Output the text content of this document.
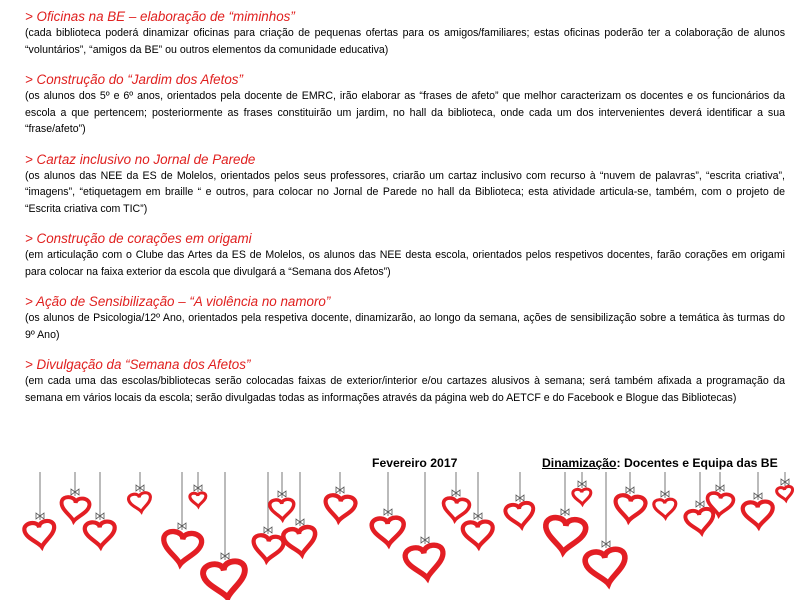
> Oficinas na BE – elaboração de “miminhos”

(cada biblioteca poderá dinamizar oficinas para criação de pequenas ofertas para os amigos/familiares; estas oficinas poderão ter a colaboração de alunos “voluntários”, “amigos da BE” ou outros elementos da comunidade educativa)

> Construção do “Jardim dos Afetos”

(os alunos dos 5º e 6º anos, orientados pela docente de EMRC, irão elaborar as “frases de afeto” que melhor caracterizam os docentes e os funcionários da escola a que pertencem; posteriormente as frases constituirão um jardim, no hall da biblioteca, onde cada um dos intervenientes deverá identificar a sua “frase/afeto”)

> Cartaz inclusivo no Jornal de Parede

(os alunos das NEE da ES de Molelos, orientados pelos seus professores, criarão um cartaz inclusivo com recurso à “nuvem de palavras”, “escrita criativa”, “imagens”, “etiquetagem em braille “ e outros, para colocar no Jornal de Parede no hall da Biblioteca; esta atividade articula-se, também, com o projeto de “Escrita criativa com TIC”)

> Construção de corações em origami

(em articulação com o Clube das Artes da ES de Molelos, os alunos das NEE desta escola, orientados pelos respetivos docentes, farão corações em origami para colocar na faixa exterior da escola que divulgará a “Semana dos Afetos”)

> Ação de Sensibilização – “A violência no namoro”

(os alunos de Psicologia/12º Ano, orientados pela respetiva docente, dinamizarão, ao longo da semana, ações de sensibilização sobre a temática às turmas do 9º Ano)

> Divulgação da “Semana dos Afetos”

(em cada uma das escolas/bibliotecas serão colocadas faixas de exterior/interior e/ou cartazes alusivos à semana; será também afixada a programação da semana em vários locais da escola; serão divulgadas todas as informações através da página web do AETCF e do Facebook e Blogue das Bibliotecas)

Fevereiro 2017	Dinamização: Docentes e Equipa das BE
